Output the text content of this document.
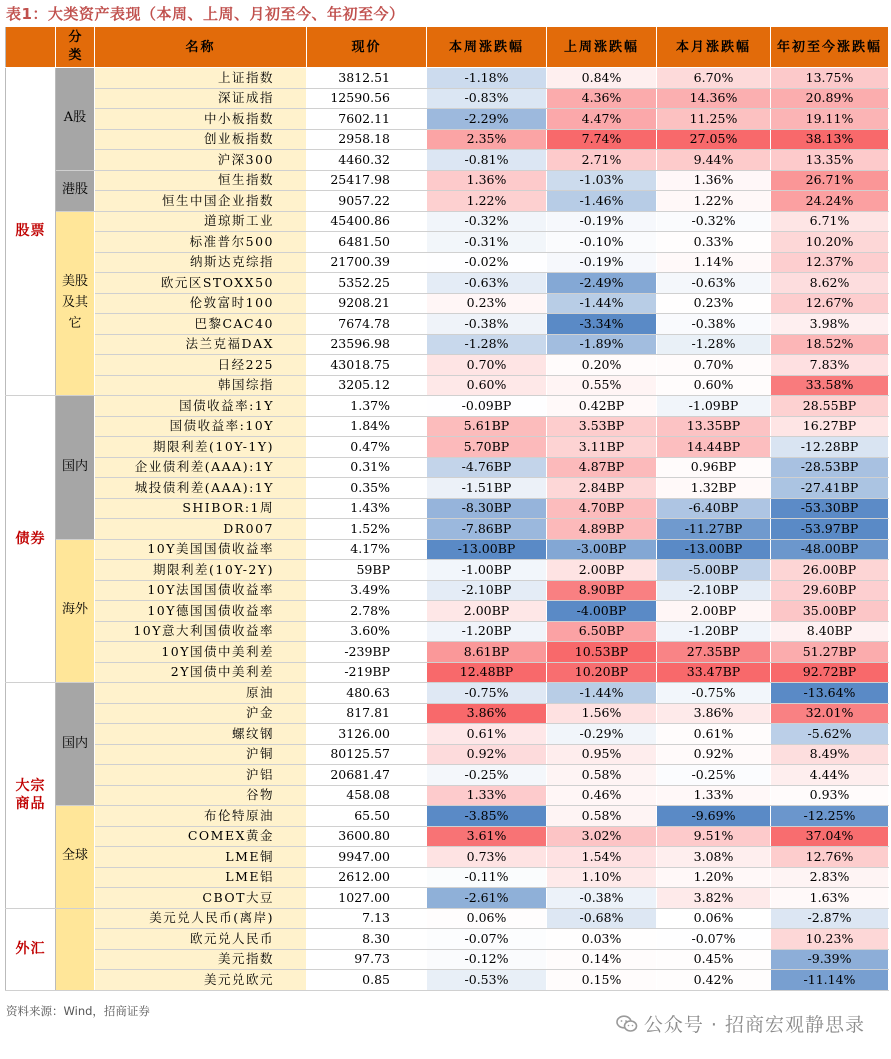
表1：大类资产表现（本周、上周、月初至今、年初至今）
	分类	名称	现价	本周涨跌幅	上周涨跌幅	本月涨跌幅	年初至今涨跌幅
股票	A股	上证指数	3812.51	-1.18%	0.84%	6.70%	13.75%
		深证成指	12590.56	-0.83%	4.36%	14.36%	20.89%
		中小板指数	7602.11	-2.29%	4.47%	11.25%	19.11%
		创业板指数	2958.18	2.35%	7.74%	27.05%	38.13%
		沪深300	4460.32	-0.81%	2.71%	9.44%	13.35%
	港股	恒生指数	25417.98	1.36%	-1.03%	1.36%	26.71%
		恒生中国企业指数	9057.22	1.22%	-1.46%	1.22%	24.24%
	美股及其它	道琼斯工业	45400.86	-0.32%	-0.19%	-0.32%	6.71%
		标准普尔500	6481.50	-0.31%	-0.10%	0.33%	10.20%
		纳斯达克综指	21700.39	-0.02%	-0.19%	1.14%	12.37%
		欧元区STOXX50	5352.25	-0.63%	-2.49%	-0.63%	8.62%
		伦敦富时100	9208.21	0.23%	-1.44%	0.23%	12.67%
		巴黎CAC40	7674.78	-0.38%	-3.34%	-0.38%	3.98%
		法兰克福DAX	23596.98	-1.28%	-1.89%	-1.28%	18.52%
		日经225	43018.75	0.70%	0.20%	0.70%	7.83%
		韩国综指	3205.12	0.60%	0.55%	0.60%	33.58%
债券	国内	国债收益率:1Y	1.37%	-0.09BP	0.42BP	-1.09BP	28.55BP
		国债收益率:10Y	1.84%	5.61BP	3.53BP	13.35BP	16.27BP
		期限利差(10Y-1Y)	0.47%	5.70BP	3.11BP	14.44BP	-12.28BP
		企业债利差(AAA):1Y	0.31%	-4.76BP	4.87BP	0.96BP	-28.53BP
		城投债利差(AAA):1Y	0.35%	-1.51BP	2.84BP	1.32BP	-27.41BP
		SHIBOR:1周	1.43%	-8.30BP	4.70BP	-6.40BP	-53.30BP
		DR007	1.52%	-7.86BP	4.89BP	-11.27BP	-53.97BP
	海外	10Y美国国债收益率	4.17%	-13.00BP	-3.00BP	-13.00BP	-48.00BP
		期限利差(10Y-2Y)	59BP	-1.00BP	2.00BP	-5.00BP	26.00BP
		10Y法国国债收益率	3.49%	-2.10BP	8.90BP	-2.10BP	29.60BP
		10Y德国国债收益率	2.78%	2.00BP	-4.00BP	2.00BP	35.00BP
		10Y意大利国债收益率	3.60%	-1.20BP	6.50BP	-1.20BP	8.40BP
		10Y国债中美利差	-239BP	8.61BP	10.53BP	27.35BP	51.27BP
		2Y国债中美利差	-219BP	12.48BP	10.20BP	33.47BP	92.72BP
大宗商品	国内	原油	480.63	-0.75%	-1.44%	-0.75%	-13.64%
		沪金	817.81	3.86%	1.56%	3.86%	32.01%
		螺纹钢	3126.00	0.61%	-0.29%	0.61%	-5.62%
		沪铜	80125.57	0.92%	0.95%	0.92%	8.49%
		沪铝	20681.47	-0.25%	0.58%	-0.25%	4.44%
		谷物	458.08	1.33%	0.46%	1.33%	0.93%
	全球	布伦特原油	65.50	-3.85%	0.58%	-9.69%	-12.25%
		COMEX黄金	3600.80	3.61%	3.02%	9.51%	37.04%
		LME铜	9947.00	0.73%	1.54%	3.08%	12.76%
		LME铝	2612.00	-0.11%	1.10%	1.20%	2.83%
		CBOT大豆	1027.00	-2.61%	-0.38%	3.82%	1.63%
外汇		美元兑人民币(离岸)	7.13	0.06%	-0.68%	0.06%	-2.87%
		欧元兑人民币	8.30	-0.07%	0.03%	-0.07%	10.23%
		美元指数	97.73	-0.12%	0.14%	0.45%	-9.39%
		美元兑欧元	0.85	-0.53%	0.15%	0.42%	-11.14%
资料来源：Wind，招商证券
公众号 · 招商宏观静思录
